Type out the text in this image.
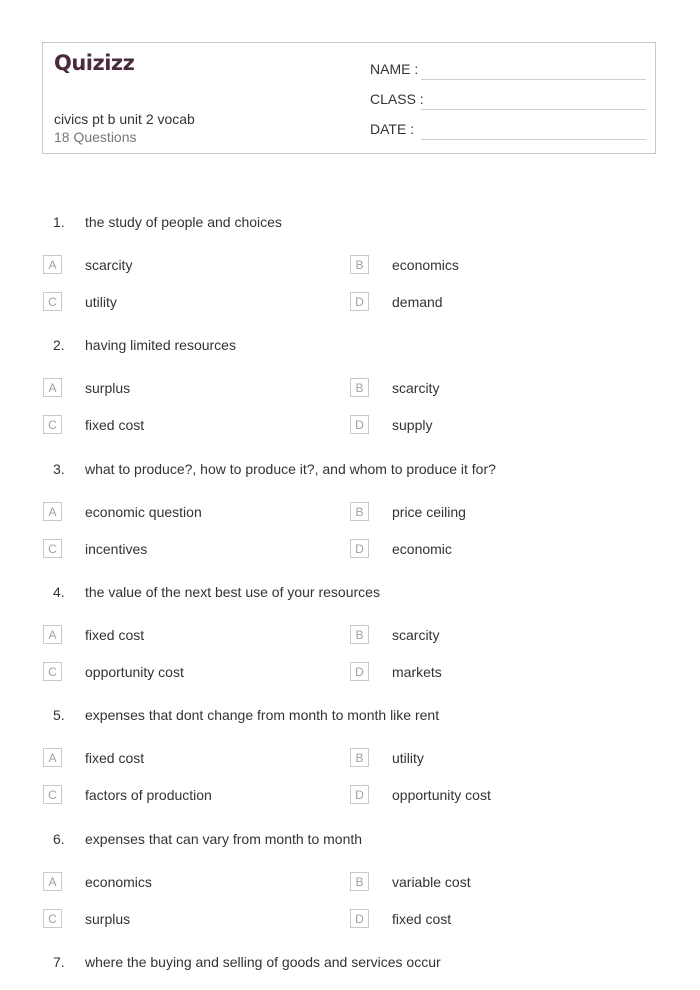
Quizizz
civics pt b unit 2 vocab
18 Questions
NAME :
CLASS :
DATE :
1. the study of people and choices
A	scarcity	B	economics
C	utility	D	demand
2. having limited resources
A	surplus	B	scarcity
C	fixed cost	D	supply
3. what to produce?, how to produce it?, and whom to produce it for?
A	economic question	B	price ceiling
C	incentives	D	economic
4. the value of the next best use of your resources
A	fixed cost	B	scarcity
C	opportunity cost	D	markets
5. expenses that dont change from month to month like rent
A	fixed cost	B	utility
C	factors of production	D	opportunity cost
6. expenses that can vary from month to month
A	economics	B	variable cost
C	surplus	D	fixed cost
7. where the buying and selling of goods and services occur
